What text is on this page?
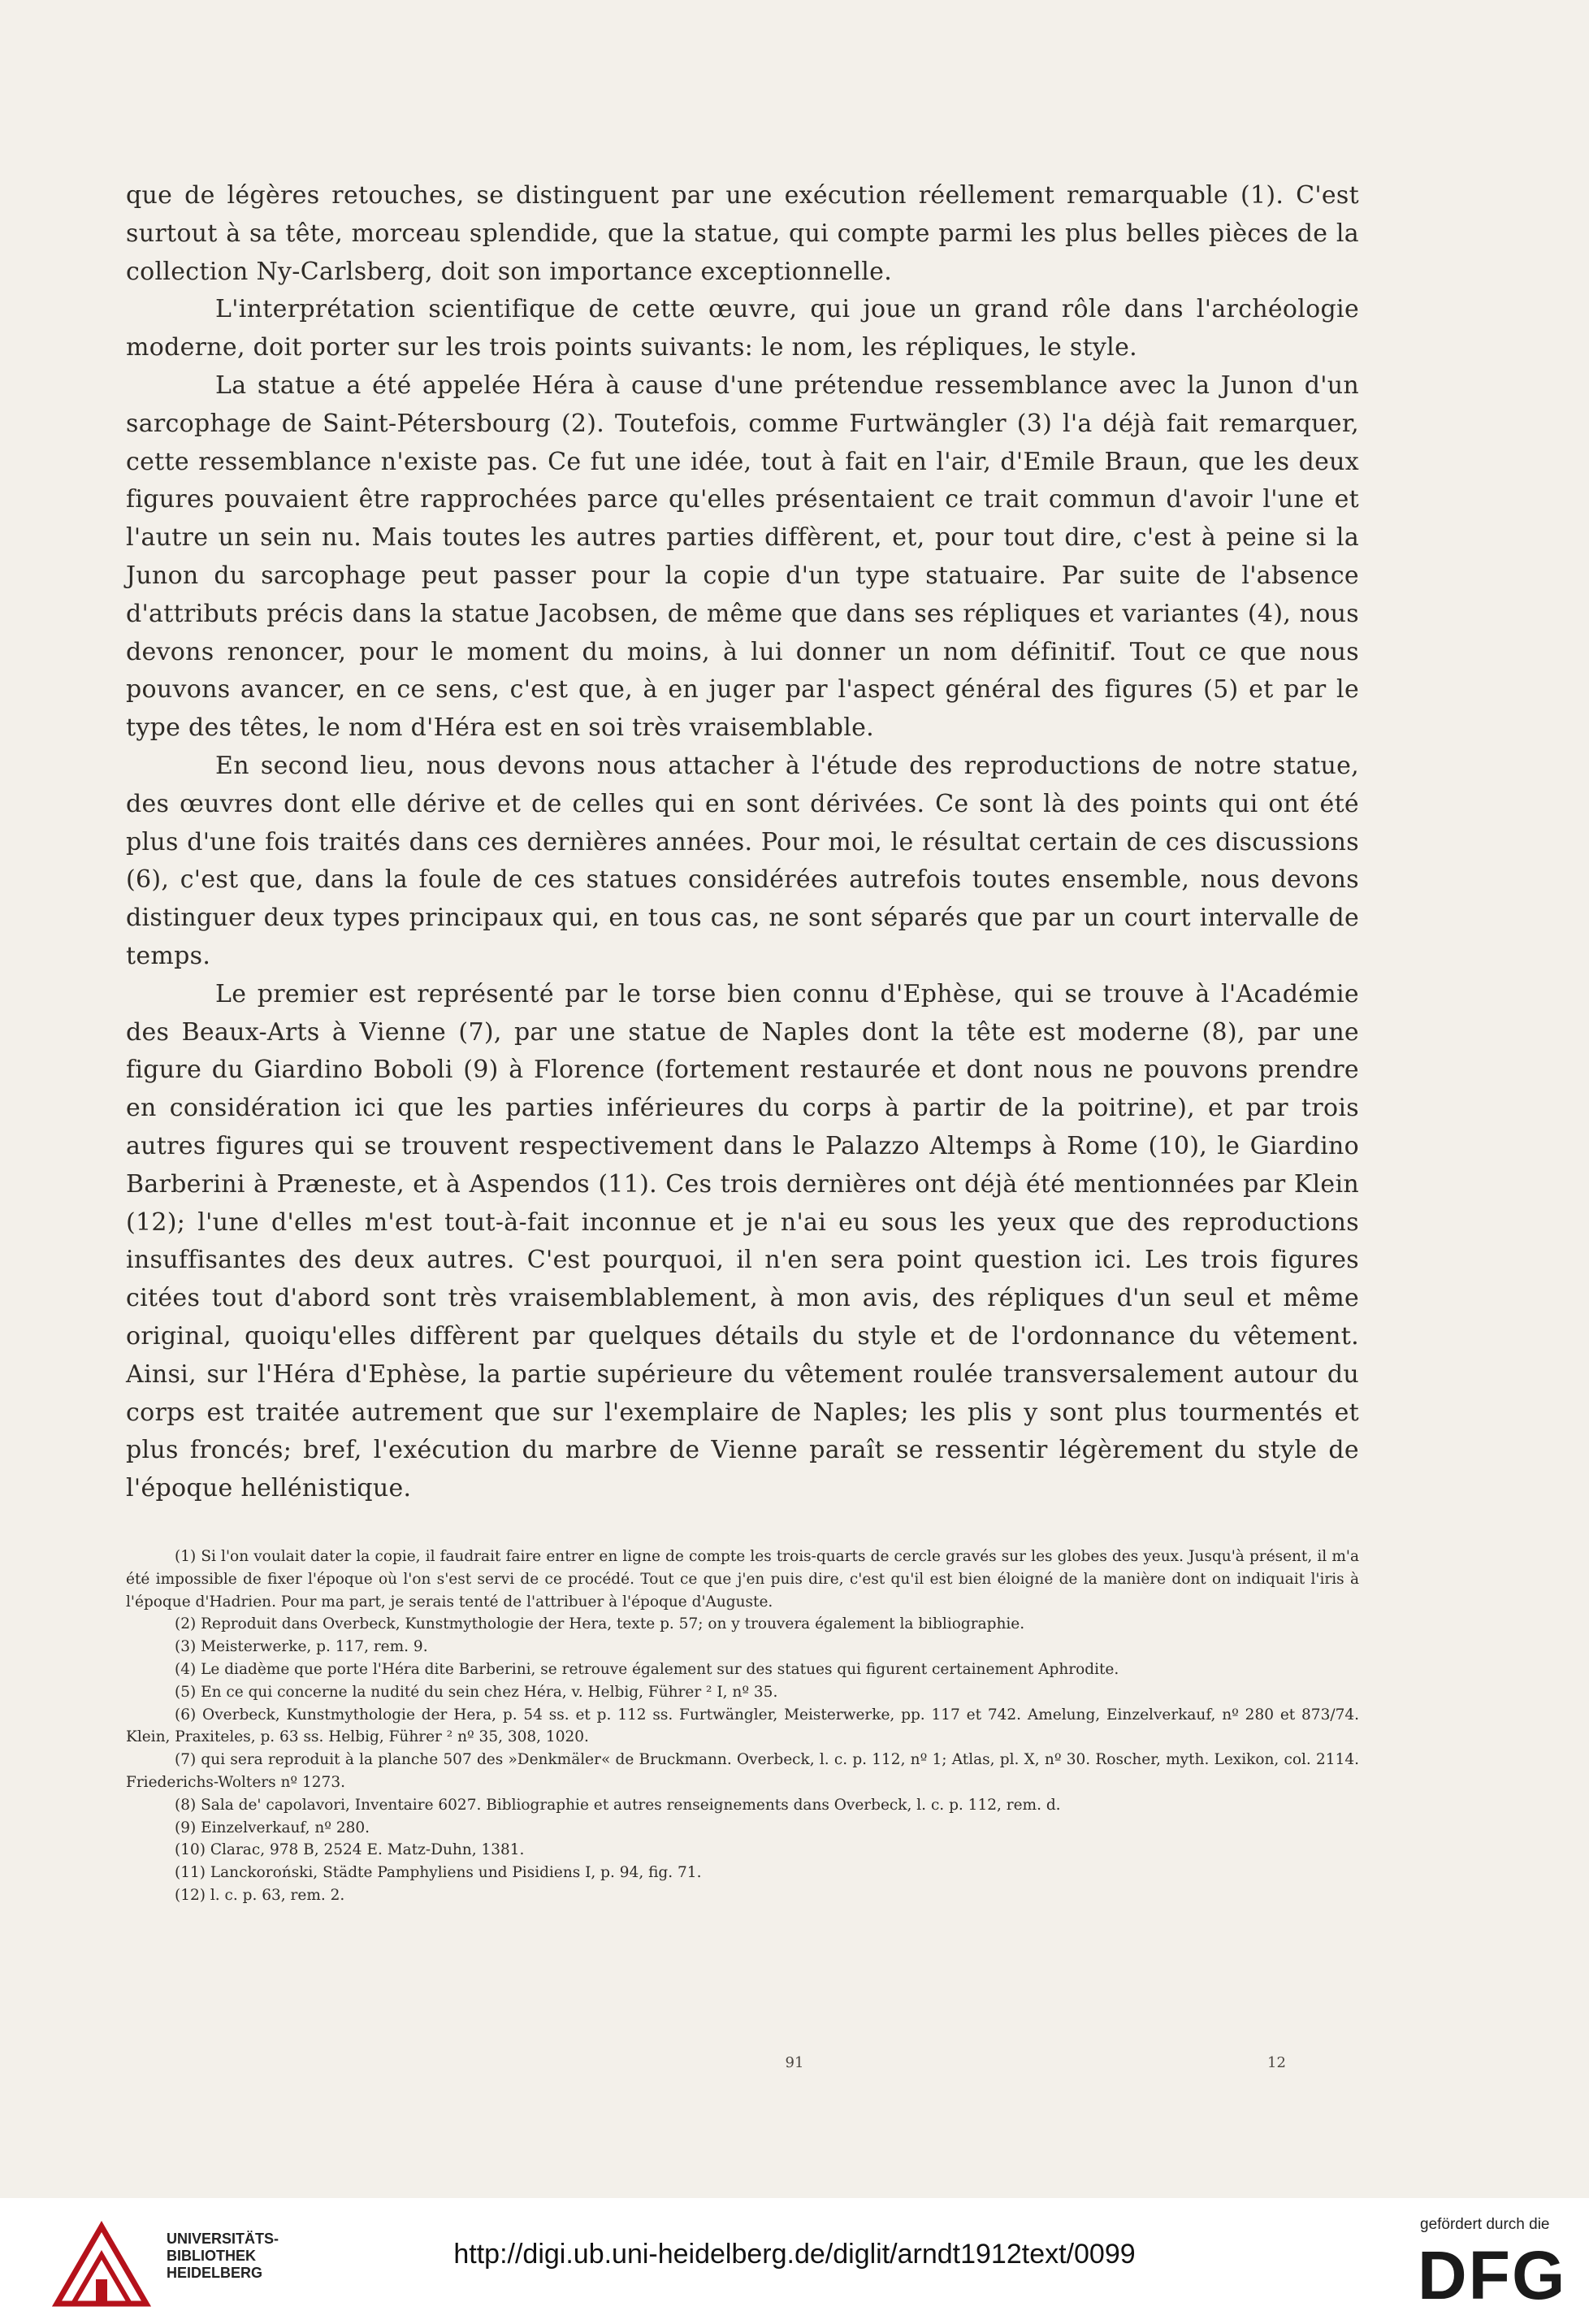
que de légères retouches, se distinguent par une exécution réellement remarquable (1). C'est surtout à sa tête, morceau splendide, que la statue, qui compte parmi les plus belles pièces de la collection Ny-Carlsberg, doit son importance exceptionnelle.

L'interprétation scientifique de cette œuvre, qui joue un grand rôle dans l'archéologie moderne, doit porter sur les trois points suivants: le nom, les répliques, le style.

La statue a été appelée Héra à cause d'une prétendue ressemblance avec la Junon d'un sarcophage de Saint-Pétersbourg (2). Toutefois, comme Furtwängler (3) l'a déjà fait remarquer, cette ressemblance n'existe pas. Ce fut une idée, tout à fait en l'air, d'Emile Braun, que les deux figures pouvaient être rapprochées parce qu'elles présentaient ce trait commun d'avoir l'une et l'autre un sein nu. Mais toutes les autres parties diffèrent, et, pour tout dire, c'est à peine si la Junon du sarcophage peut passer pour la copie d'un type statuaire. Par suite de l'absence d'attributs précis dans la statue Jacobsen, de même que dans ses répliques et variantes (4), nous devons renoncer, pour le moment du moins, à lui donner un nom définitif. Tout ce que nous pouvons avancer, en ce sens, c'est que, à en juger par l'aspect général des figures (5) et par le type des têtes, le nom d'Héra est en soi très vraisemblable.

En second lieu, nous devons nous attacher à l'étude des reproductions de notre statue, des œuvres dont elle dérive et de celles qui en sont dérivées. Ce sont là des points qui ont été plus d'une fois traités dans ces dernières années. Pour moi, le résultat certain de ces discussions (6), c'est que, dans la foule de ces statues considérées autrefois toutes ensemble, nous devons distinguer deux types principaux qui, en tous cas, ne sont séparés que par un court intervalle de temps.

Le premier est représenté par le torse bien connu d'Ephèse, qui se trouve à l'Académie des Beaux-Arts à Vienne (7), par une statue de Naples dont la tête est moderne (8), par une figure du Giardino Boboli (9) à Florence (fortement restaurée et dont nous ne pouvons prendre en considération ici que les parties inférieures du corps à partir de la poitrine), et par trois autres figures qui se trouvent respectivement dans le Palazzo Altemps à Rome (10), le Giardino Barberini à Præneste, et à Aspendos (11). Ces trois dernières ont déjà été mentionnées par Klein (12); l'une d'elles m'est tout-à-fait inconnue et je n'ai eu sous les yeux que des reproductions insuffisantes des deux autres. C'est pourquoi, il n'en sera point question ici. Les trois figures citées tout d'abord sont très vraisemblablement, à mon avis, des répliques d'un seul et même original, quoiqu'elles diffèrent par quelques détails du style et de l'ordonnance du vêtement. Ainsi, sur l'Héra d'Ephèse, la partie supérieure du vêtement roulée transversalement autour du corps est traitée autrement que sur l'exemplaire de Naples; les plis y sont plus tourmentés et plus froncés; bref, l'exécution du marbre de Vienne paraît se ressentir légèrement du style de l'époque hellénistique.

(1) Si l'on voulait dater la copie, il faudrait faire entrer en ligne de compte les trois-quarts de cercle gravés sur les globes des yeux. Jusqu'à présent, il m'a été impossible de fixer l'époque où l'on s'est servi de ce procédé. Tout ce que j'en puis dire, c'est qu'il est bien éloigné de la manière dont on indiquait l'iris à l'époque d'Hadrien. Pour ma part, je serais tenté de l'attribuer à l'époque d'Auguste.

(2) Reproduit dans Overbeck, Kunstmythologie der Hera, texte p. 57; on y trouvera également la bibliographie.

(3) Meisterwerke, p. 117, rem. 9.

(4) Le diadème que porte l'Héra dite Barberini, se retrouve également sur des statues qui figurent certainement Aphrodite.

(5) En ce qui concerne la nudité du sein chez Héra, v. Helbig, Führer ² I, nº 35.

(6) Overbeck, Kunstmythologie der Hera, p. 54 ss. et p. 112 ss. Furtwängler, Meisterwerke, pp. 117 et 742. Amelung, Einzelverkauf, nº 280 et 873/74. Klein, Praxiteles, p. 63 ss. Helbig, Führer ² nº 35, 308, 1020.

(7) qui sera reproduit à la planche 507 des »Denkmäler« de Bruckmann. Overbeck, l. c. p. 112, nº 1; Atlas, pl. X, nº 30. Roscher, myth. Lexikon, col. 2114. Friederichs-Wolters nº 1273.

(8) Sala de' capolavori, Inventaire 6027. Bibliographie et autres renseignements dans Overbeck, l. c. p. 112, rem. d.

(9) Einzelverkauf, nº 280.

(10) Clarac, 978 B, 2524 E. Matz-Duhn, 1381.

(11) Lanckoroński, Städte Pamphyliens und Pisidiens I, p. 94, fig. 71.

(12) l. c. p. 63, rem. 2.

91	12
UNIVERSITÄTS-
BIBLIOTHEK
HEIDELBERG
http://digi.ub.uni-heidelberg.de/diglit/arndt1912text/0099
gefördert durch die
DFG
